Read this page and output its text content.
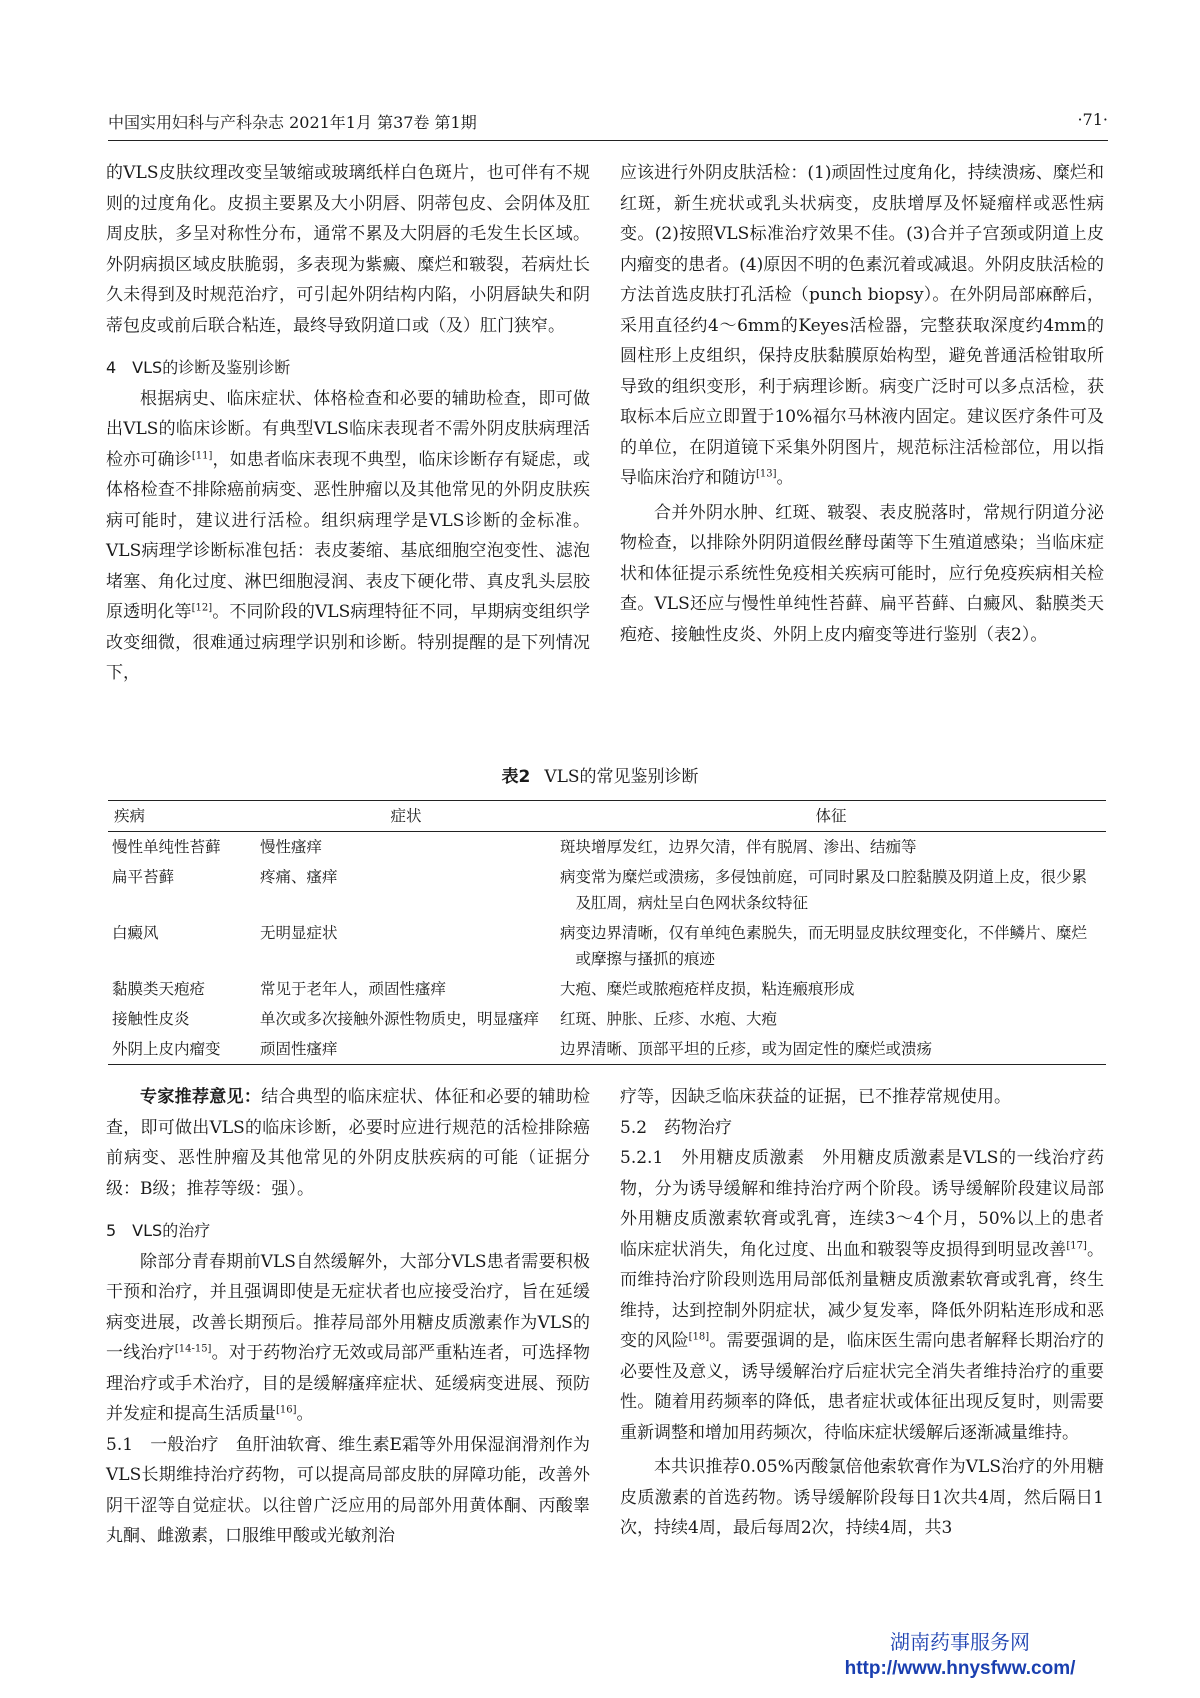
中国实用妇科与产科杂志 2021年1月 第37卷 第1期	·71·

的VLS皮肤纹理改变呈皱缩或玻璃纸样白色斑片，也可伴有不规则的过度角化。皮损主要累及大小阴唇、阴蒂包皮、会阴体及肛周皮肤，多呈对称性分布，通常不累及大阴唇的毛发生长区域。外阴病损区域皮肤脆弱，多表现为紫癜、糜烂和皲裂，若病灶长久未得到及时规范治疗，可引起外阴结构内陷，小阴唇缺失和阴蒂包皮或前后联合粘连，最终导致阴道口或（及）肛门狭窄。

4　VLS的诊断及鉴别诊断

根据病史、临床症状、体格检查和必要的辅助检查，即可做出VLS的临床诊断。有典型VLS临床表现者不需外阴皮肤病理活检亦可确诊[11]，如患者临床表现不典型，临床诊断存有疑虑，或体格检查不排除癌前病变、恶性肿瘤以及其他常见的外阴皮肤疾病可能时，建议进行活检。组织病理学是VLS诊断的金标准。VLS病理学诊断标准包括：表皮萎缩、基底细胞空泡变性、滤泡堵塞、角化过度、淋巴细胞浸润、表皮下硬化带、真皮乳头层胶原透明化等[12]。不同阶段的VLS病理特征不同，早期病变组织学改变细微，很难通过病理学识别和诊断。特别提醒的是下列情况下，

应该进行外阴皮肤活检：(1)顽固性过度角化，持续溃疡、糜烂和红斑，新生疣状或乳头状病变，皮肤增厚及怀疑瘤样或恶性病变。(2)按照VLS标准治疗效果不佳。(3)合并子宫颈或阴道上皮内瘤变的患者。(4)原因不明的色素沉着或减退。外阴皮肤活检的方法首选皮肤打孔活检（punch biopsy）。在外阴局部麻醉后，采用直径约4～6mm的Keyes活检器，完整获取深度约4mm的圆柱形上皮组织，保持皮肤黏膜原始构型，避免普通活检钳取所导致的组织变形，利于病理诊断。病变广泛时可以多点活检，获取标本后应立即置于10%福尔马林液内固定。建议医疗条件可及的单位，在阴道镜下采集外阴图片，规范标注活检部位，用以指导临床治疗和随访[13]。

合并外阴水肿、红斑、皲裂、表皮脱落时，常规行阴道分泌物检查，以排除外阴阴道假丝酵母菌等下生殖道感染；当临床症状和体征提示系统性免疫相关疾病可能时，应行免疫疾病相关检查。VLS还应与慢性单纯性苔藓、扁平苔藓、白癜风、黏膜类天疱疮、接触性皮炎、外阴上皮内瘤变等进行鉴别（表2）。

表2 VLS的常见鉴别诊断
疾病	症状	体征
慢性单纯性苔藓	慢性瘙痒	斑块增厚发红，边界欠清，伴有脱屑、渗出、结痂等

扁平苔藓	疼痛、瘙痒	病变常为糜烂或溃疡，多侵蚀前庭，可同时累及口腔黏膜及阴道上皮，很少累及肛周，病灶呈白色网状条纹特征

白癜风	无明显症状	病变边界清晰，仅有单纯色素脱失，而无明显皮肤纹理变化，不伴鳞片、糜烂或摩擦与搔抓的痕迹

黏膜类天疱疮	常见于老年人，顽固性瘙痒	大疱、糜烂或脓疱疮样皮损，粘连瘢痕形成

接触性皮炎	单次或多次接触外源性物质史，明显瘙痒	红斑、肿胀、丘疹、水疱、大疱

外阴上皮内瘤变	顽固性瘙痒	边界清晰、顶部平坦的丘疹，或为固定性的糜烂或溃疡

专家推荐意见：结合典型的临床症状、体征和必要的辅助检查，即可做出VLS的临床诊断，必要时应进行规范的活检排除癌前病变、恶性肿瘤及其他常见的外阴皮肤疾病的可能（证据分级：B级；推荐等级：强）。

5　VLS的治疗

除部分青春期前VLS自然缓解外，大部分VLS患者需要积极干预和治疗，并且强调即使是无症状者也应接受治疗，旨在延缓病变进展，改善长期预后。推荐局部外用糖皮质激素作为VLS的一线治疗[14-15]。对于药物治疗无效或局部严重粘连者，可选择物理治疗或手术治疗，目的是缓解瘙痒症状、延缓病变进展、预防并发症和提高生活质量[16]。

5.1　一般治疗　鱼肝油软膏、维生素E霜等外用保湿润滑剂作为VLS长期维持治疗药物，可以提高局部皮肤的屏障功能，改善外阴干涩等自觉症状。以往曾广泛应用的局部外用黄体酮、丙酸睾丸酮、雌激素，口服维甲酸或光敏剂治

疗等，因缺乏临床获益的证据，已不推荐常规使用。

5.2　药物治疗

5.2.1　外用糖皮质激素　外用糖皮质激素是VLS的一线治疗药物，分为诱导缓解和维持治疗两个阶段。诱导缓解阶段建议局部外用糖皮质激素软膏或乳膏，连续3～4个月，50%以上的患者临床症状消失，角化过度、出血和皲裂等皮损得到明显改善[17]。而维持治疗阶段则选用局部低剂量糖皮质激素软膏或乳膏，终生维持，达到控制外阴症状，减少复发率，降低外阴粘连形成和恶变的风险[18]。需要强调的是，临床医生需向患者解释长期治疗的必要性及意义，诱导缓解治疗后症状完全消失者维持治疗的重要性。随着用药频率的降低，患者症状或体征出现反复时，则需要重新调整和增加用药频次，待临床症状缓解后逐渐减量维持。

本共识推荐0.05%丙酸氯倍他索软膏作为VLS治疗的外用糖皮质激素的首选药物。诱导缓解阶段每日1次共4周，然后隔日1次，持续4周，最后每周2次，持续4周，共3

湖南药事服务网
http://www.hnysfww.com/
